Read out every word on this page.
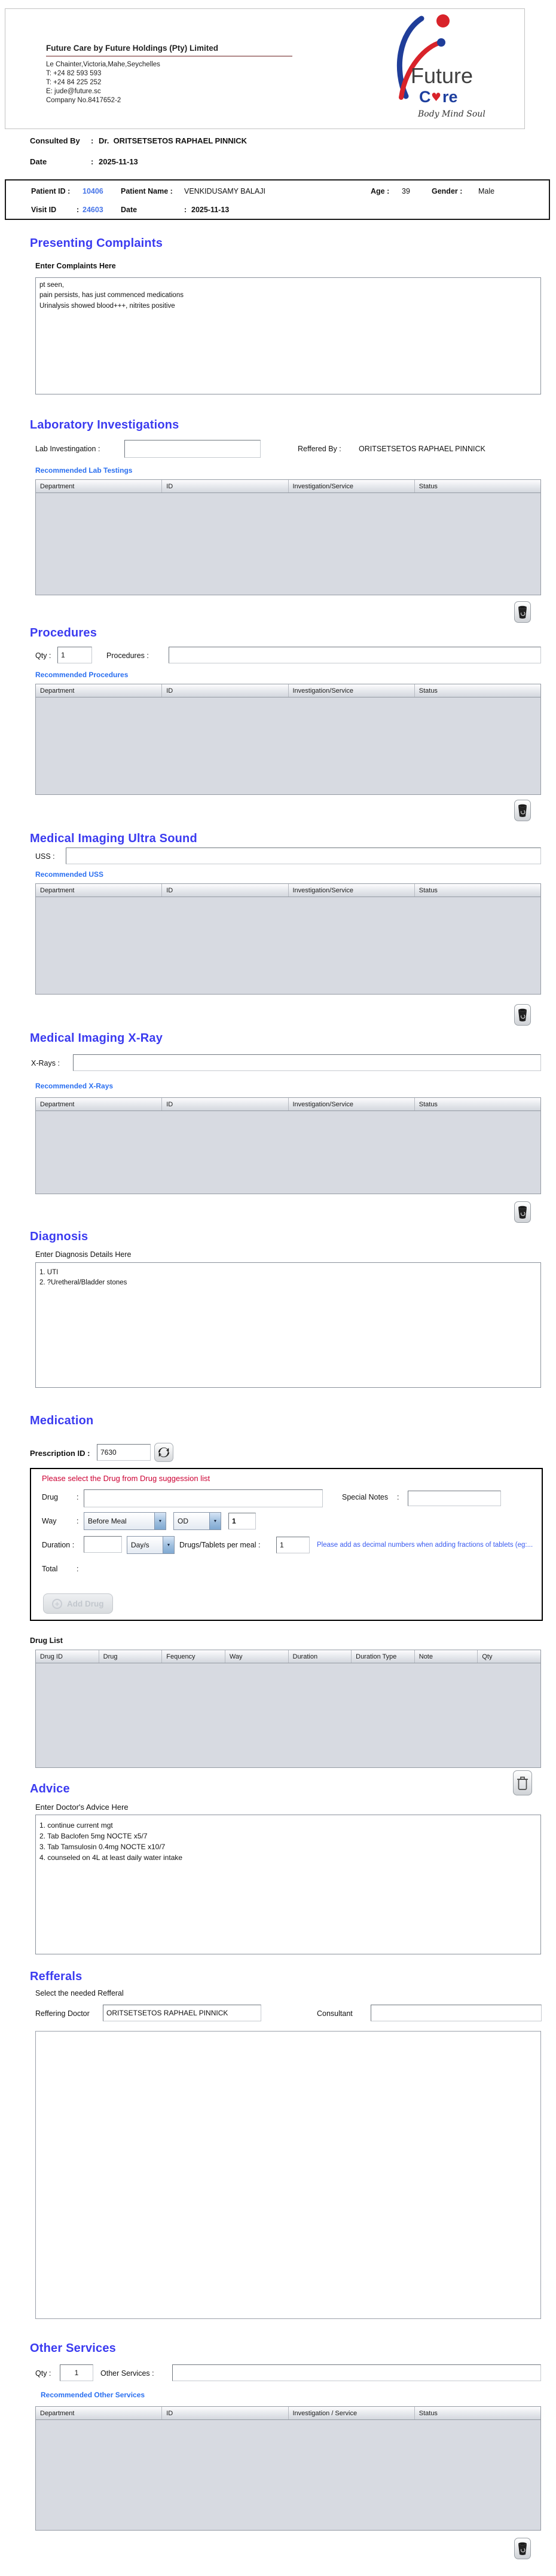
Future Care by Future Holdings (Pty) Limited
Le Chainter,Victoria,Mahe,Seychelles
T: +24 82 593 593
T: +24 84 225 252
E: jude@future.sc
Company No.8417652-2
Future
C ♥ re
Body Mind Soul
Consulted By : Dr.  ORITSETSETOS RAPHAEL PINNICK
Date	: 2025-11-13
Patient ID : 10406 Patient Name : VENKIDUSAMY BALAJI	Age : 39	Gender : Male
Visit ID	: 24603 Date	: 2025-11-13
Presenting Complaints
Enter Complaints Here
pt seen, pain persists, has just commenced medications Urinalysis showed blood+++, nitrites positive
Laboratory Investigations
Lab Investingation :	Reffered By : ORITSETSETOS RAPHAEL PINNICK
Recommended Lab Testings
Department	ID	Investigation/Service	Status
Procedures
Qty :
1	Procedures :
Recommended Procedures
Department	ID	Investigation/Service	Status
Medical Imaging Ultra Sound
USS :
Recommended USS
Department	ID	Investigation/Service	Status
Medical Imaging X-Ray
X-Rays :
Recommended X-Rays
Department	ID	Investigation/Service	Status
Diagnosis
Enter Diagnosis Details Here
1. UTI 2. ?Uretheral/Bladder stones
Medication
Prescription ID :
7630
Please select the Drug from Drug suggession list
Drug :	Special Notes :
Way	:	Before Meal	▼	OD	▼
1
Duration :	Day/s	▼ Drugs/Tablets per meal :
1	Please add as decimal numbers when adding fractions of tablets (eg:...
Total	:
+ Add Drug
Drug List
Drug ID	Drug	Fequency	Way	Duration	Duration Type	Note	Qty
Advice
Enter Doctor's Advice Here
1. continue current mgt 2. Tab Baclofen 5mg NOCTE x5/7 3. Tab Tamsulosin 0.4mg NOCTE x10/7 4. counseled on 4L at least daily water intake
Refferals
Select the needed Refferal
Reffering Doctor
ORITSETSETOS RAPHAEL PINNICK	Consultant
Other Services
Qty :
1	Other Services :
Recommended Other Services
Department	ID	Investigation / Service	Status
